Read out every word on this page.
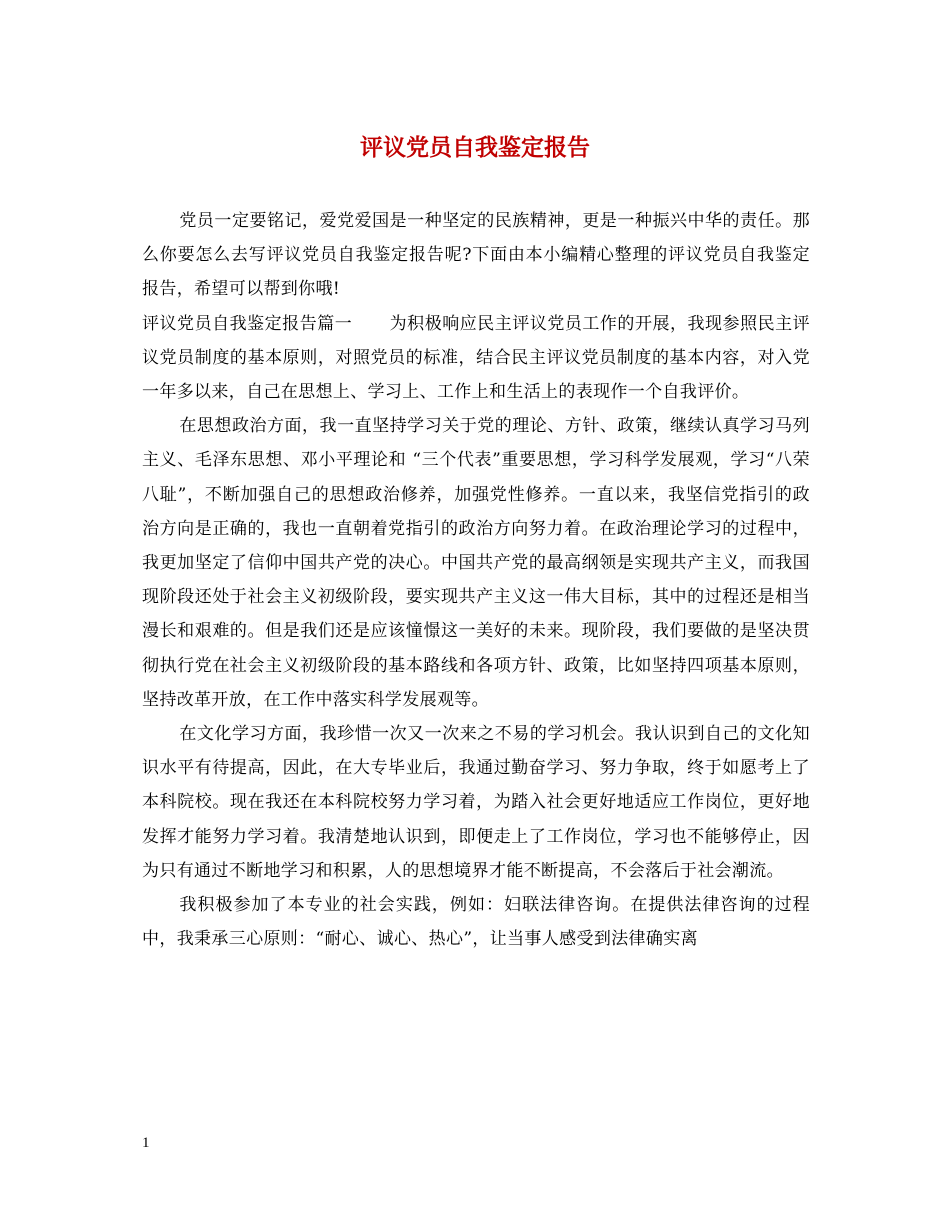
评议党员自我鉴定报告

党员一定要铭记，爱党爱国是一种坚定的民族精神，更是一种振兴中华的责任。那么你要怎么去写评议党员自我鉴定报告呢?下面由本小编精心整理的评议党员自我鉴定报告，希望可以帮到你哦!

评议党员自我鉴定报告篇一 为积极响应民主评议党员工作的开展，我现参照民主评议党员制度的基本原则，对照党员的标准，结合民主评议党员制度的基本内容，对入党一年多以来，自己在思想上、学习上、工作上和生活上的表现作一个自我评价。

在思想政治方面，我一直坚持学习关于党的理论、方针、政策，继续认真学习马列主义、毛泽东思想、邓小平理论和 “三个代表”重要思想，学习科学发展观，学习“八荣八耻”，不断加强自己的思想政治修养，加强党性修养。一直以来，我坚信党指引的政治方向是正确的，我也一直朝着党指引的政治方向努力着。在政治理论学习的过程中，我更加坚定了信仰中国共产党的决心。中国共产党的最高纲领是实现共产主义，而我国现阶段还处于社会主义初级阶段，要实现共产主义这一伟大目标，其中的过程还是相当漫长和艰难的。但是我们还是应该憧憬这一美好的未来。现阶段，我们要做的是坚决贯彻执行党在社会主义初级阶段的基本路线和各项方针、政策，比如坚持四项基本原则，坚持改革开放，在工作中落实科学发展观等。

在文化学习方面，我珍惜一次又一次来之不易的学习机会。我认识到自己的文化知识水平有待提高，因此，在大专毕业后，我通过勤奋学习、努力争取，终于如愿考上了本科院校。现在我还在本科院校努力学习着，为踏入社会更好地适应工作岗位，更好地发挥才能努力学习着。我清楚地认识到，即便走上了工作岗位，学习也不能够停止，因为只有通过不断地学习和积累，人的思想境界才能不断提高，不会落后于社会潮流。

我积极参加了本专业的社会实践，例如：妇联法律咨询。在提供法律咨询的过程中，我秉承三心原则：“耐心、诚心、热心”，让当事人感受到法律确实离

1
